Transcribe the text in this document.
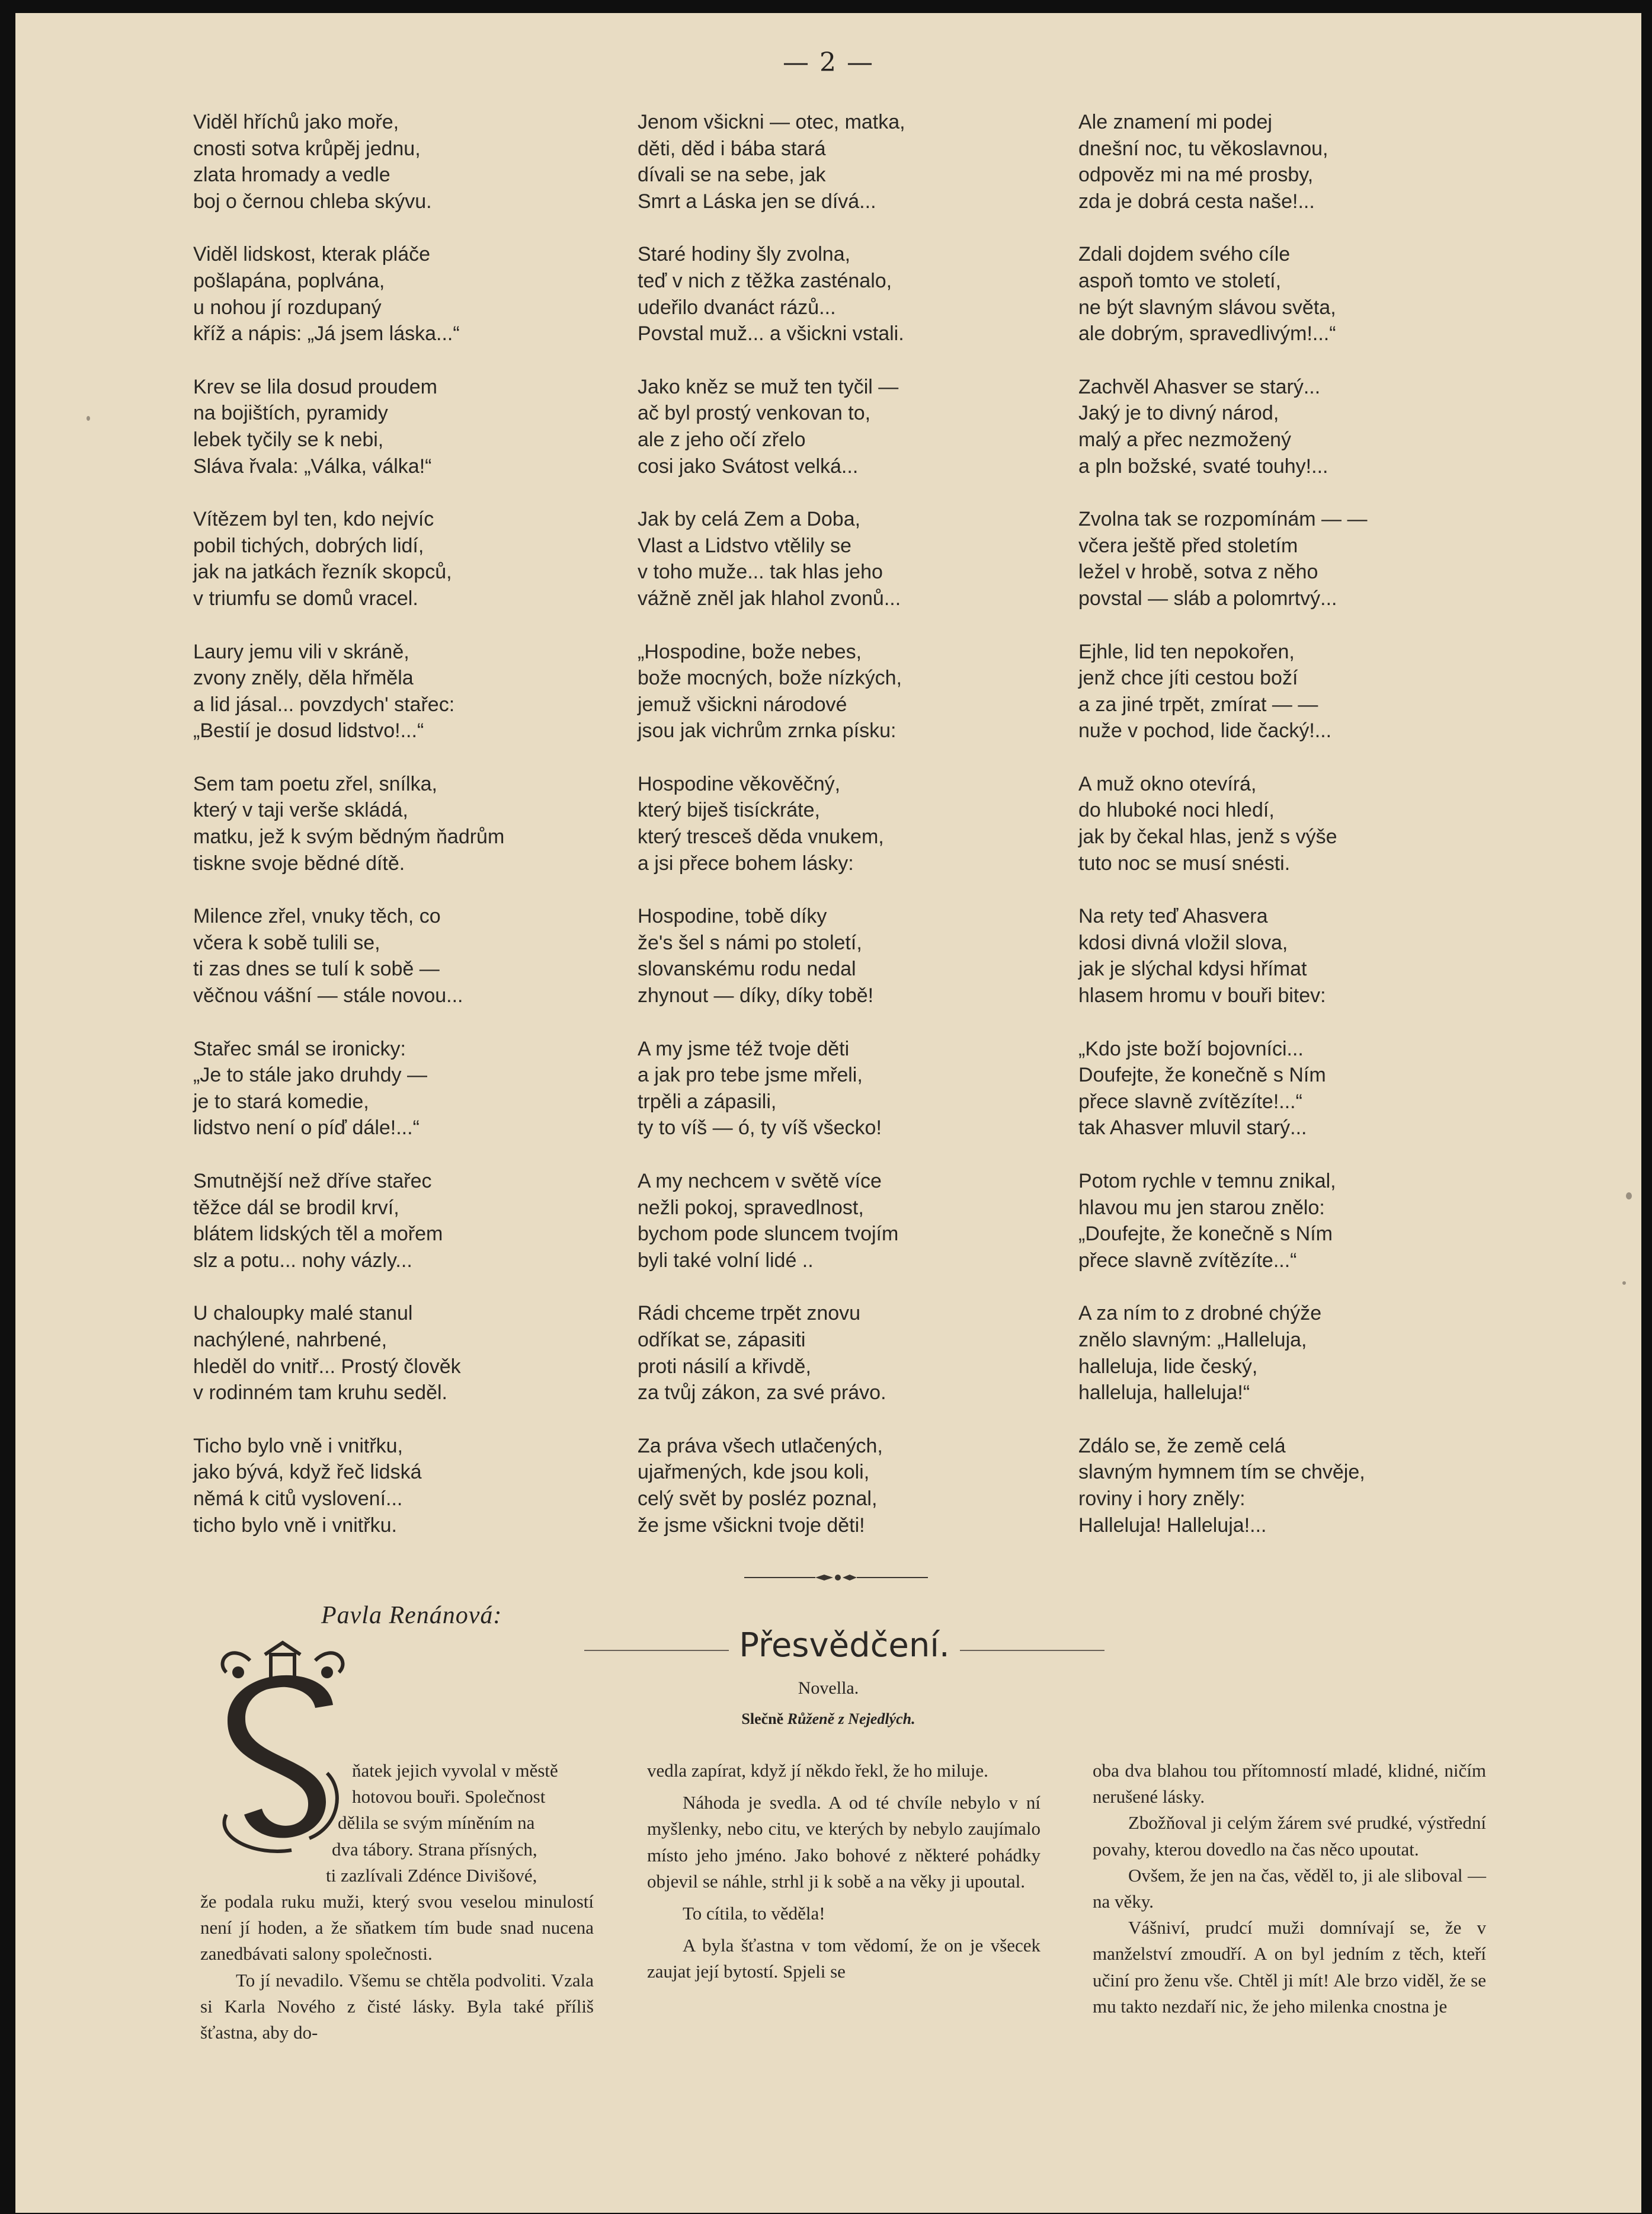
— 2 —
Viděl hříchů jako moře,
cnosti sotva krůpěj jednu,
zlata hromady a vedle
boj o černou chleba skývu.
Viděl lidskost, kterak pláče
pošlapána, poplvána,
u nohou jí rozdupaný
kříž a nápis: „Já jsem láska...“
Krev se lila dosud proudem
na bojištích, pyramidy
lebek tyčily se k nebi,
Sláva řvala: „Válka, válka!“
Vítězem byl ten, kdo nejvíc
pobil tichých, dobrých lidí,
jak na jatkách řezník skopců,
v triumfu se domů vracel.
Laury jemu vili v skráně,
zvony zněly, děla hřměla
a lid jásal... povzdych' stařec:
„Bestií je dosud lidstvo!...“
Sem tam poetu zřel, snílka,
který v taji verše skládá,
matku, jež k svým bědným ňadrům
tiskne svoje bědné dítě.
Milence zřel, vnuky těch, co
včera k sobě tulili se,
ti zas dnes se tulí k sobě —
věčnou vášní — stále novou...
Stařec smál se ironicky:
„Je to stále jako druhdy —
je to stará komedie,
lidstvo není o píď dále!...“
Smutnější než dříve stařec
těžce dál se brodil krví,
blátem lidských těl a mořem
slz a potu... nohy vázly...
U chaloupky malé stanul
nachýlené, nahrbené,
hleděl do vnitř... Prostý člověk
v rodinném tam kruhu seděl.
Ticho bylo vně i vnitřku,
jako bývá, když řeč lidská
němá k citů vyslovení...
ticho bylo vně i vnitřku.
Jenom všickni — otec, matka,
děti, děd i bába stará
dívali se na sebe, jak
Smrt a Láska jen se dívá...
Staré hodiny šly zvolna,
teď v nich z těžka zasténalo,
udeřilo dvanáct rázů...
Povstal muž... a všickni vstali.
Jako kněz se muž ten tyčil —
ač byl prostý venkovan to,
ale z jeho očí zřelo
cosi jako Svátost velká...
Jak by celá Zem a Doba,
Vlast a Lidstvo vtělily se
v toho muže... tak hlas jeho
vážně zněl jak hlahol zvonů...
„Hospodine, bože nebes,
bože mocných, bože nízkých,
jemuž všickni národové
jsou jak vichrům zrnka písku:
Hospodine věkověčný,
který biješ tisíckráte,
který tresceš děda vnukem,
a jsi přece bohem lásky:
Hospodine, tobě díky
že's šel s námi po století,
slovanskému rodu nedal
zhynout — díky, díky tobě!
A my jsme též tvoje děti
a jak pro tebe jsme mřeli,
trpěli a zápasili,
ty to víš — ó, ty víš všecko!
A my nechcem v světě více
nežli pokoj, spravedlnost,
bychom pode sluncem tvojím
byli také volní lidé ..
Rádi chceme trpět znovu
odříkat se, zápasiti
proti násilí a křivdě,
za tvůj zákon, za své právo.
Za práva všech utlačených,
ujařmených, kde jsou koli,
celý svět by posléz poznal,
že jsme všickni tvoje děti!
Ale znamení mi podej
dnešní noc, tu věkoslavnou,
odpověz mi na mé prosby,
zda je dobrá cesta naše!...
Zdali dojdem svého cíle
aspoň tomto ve století,
ne být slavným slávou světa,
ale dobrým, spravedlivým!...“
Zachvěl Ahasver se starý...
Jaký je to divný národ,
malý a přec nezmožený
a pln božské, svaté touhy!...
Zvolna tak se rozpomínám — —
včera ještě před stoletím
ležel v hrobě, sotva z něho
povstal — sláb a polomrtvý...
Ejhle, lid ten nepokořen,
jenž chce jíti cestou boží
a za jiné trpět, zmírat — —
nuže v pochod, lide čacký!...
A muž okno otevírá,
do hluboké noci hledí,
jak by čekal hlas, jenž s výše
tuto noc se musí snésti.
Na rety teď Ahasvera
kdosi divná vložil slova,
jak je slýchal kdysi hřímat
hlasem hromu v bouři bitev:
„Kdo jste boží bojovníci...
Doufejte, že konečně s Ním
přece slavně zvítězíte!...“
tak Ahasver mluvil starý...
Potom rychle v temnu znikal,
hlavou mu jen starou znělo:
„Doufejte, že konečně s Ním
přece slavně zvítězíte...“
A za ním to z drobné chýže
znělo slavným: „Halleluja,
halleluja, lide český,
halleluja, halleluja!“
Zdálo se, že země celá
slavným hymnem tím se chvěje,
roviny i hory zněly:
Halleluja! Halleluja!...
Pavla Renánová:
Přesvědčení.
Novella.
Slečně Růženě z Nejedlých.
ňatek jejich vyvolal v městě
hotovou bouři. Společnost
dělila se svým míněním na
dva tábory. Strana přísných,
ti zazlívali Zdénce Divišové,

že podala ruku muži, který svou veselou minulostí není jí hoden, a že sňatkem tím bude snad nucena zanedbávati salony společnosti.

To jí nevadilo. Všemu se chtěla podvoliti. Vzala si Karla Nového z čisté lásky. Byla také příliš šťastna, aby do-

vedla zapírat, když jí někdo řekl, že ho miluje.

Náhoda je svedla. A od té chvíle nebylo v ní myšlenky, nebo citu, ve kterých by nebylo zaujímalo místo jeho jméno. Jako bohové z některé pohádky objevil se náhle, strhl ji k sobě a na věky ji upoutal.

To cítila, to věděla!

A byla šťastna v tom vědomí, že on je všecek zaujat její bytostí. Spjeli se

oba dva blahou tou přítomností mladé, klidné, ničím nerušené lásky.

Zbožňoval ji celým žárem své prudké, výstřední povahy, kterou dovedlo na čas něco upoutat.

Ovšem, že jen na čas, věděl to, ji ale sliboval — na věky.

Vášniví, prudcí muži domnívají se, že v manželství zmoudří. A on byl jedním z těch, kteří učiní pro ženu vše. Chtěl ji mít! Ale brzo viděl, že se mu takto nezdaří nic, že jeho milenka cnostna je
